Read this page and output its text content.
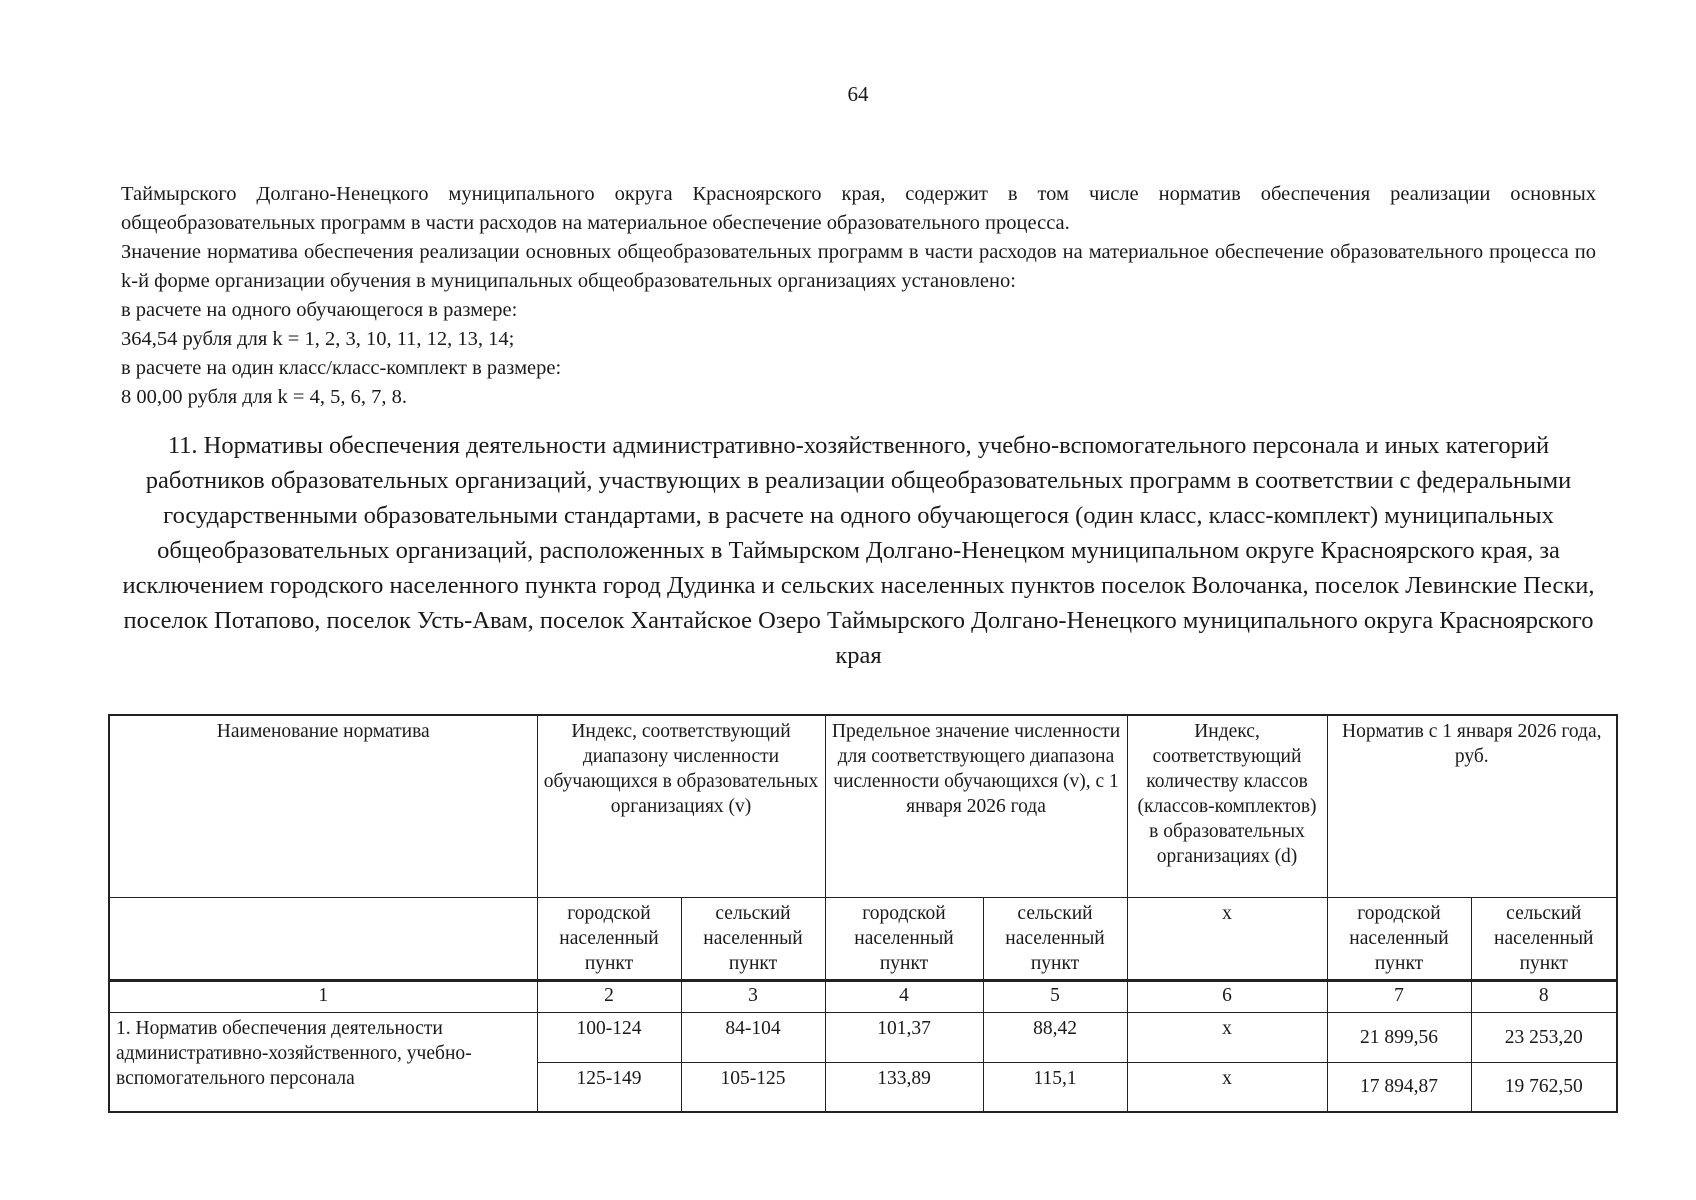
64

Таймырского Долгано-Ненецкого муниципального округа Красноярского края, содержит в том числе норматив обеспечения реализации основных общеобразовательных программ в части расходов на материальное обеспечение образовательного процесса.

Значение норматива обеспечения реализации основных общеобразовательных программ в части расходов на материальное обеспечение образовательного процесса по k-й форме организации обучения в муниципальных общеобразовательных организациях установлено:

в расчете на одного обучающегося в размере:

364,54 рубля для k = 1, 2, 3, 10, 11, 12, 13, 14;

в расчете на один класс/класс-комплект в размере:

8 00,00 рубля для k = 4, 5, 6, 7, 8.

11. Нормативы обеспечения деятельности административно-хозяйственного, учебно-вспомогательного персонала и иных категорий работников образовательных организаций, участвующих в реализации общеобразовательных программ в соответствии с федеральными государственными образовательными стандартами, в расчете на одного обучающегося (один класс, класс-комплект) муниципальных общеобразовательных организаций, расположенных в Таймырском Долгано-Ненецком муниципальном округе Красноярского края, за исключением городского населенного пункта город Дудинка и сельских населенных пунктов поселок Волочанка, поселок Левинские Пески, поселок Потапово, поселок Усть-Авам, поселок Хантайское Озеро Таймырского Долгано-Ненецкого муниципального округа Красноярского края
Наименование норматива	Индекс, соответствующий диапазону численности обучающихся в образовательных организациях (v)		Предельное значение численности для соответствующего диапазона численности обучающихся (v), с 1 января 2026 года		Индекс, соответствующий количеству классов (классов-комплектов) в образовательных организациях (d)	Норматив с 1 января 2026 года, руб.	
	городской населенный пункт	сельский населенный пункт	городской населенный пункт	сельский населенный пункт	х	городской населенный пункт	сельский населенный пункт
1	2	3	4	5	6	7	8
1. Норматив обеспечения деятельности административно-хозяйственного, учебно-вспомогательного персонала	100-124	84-104	101,37	88,42	х	21 899,56	23 253,20
	125-149	105-125	133,89	115,1	х	17 894,87	19 762,50
